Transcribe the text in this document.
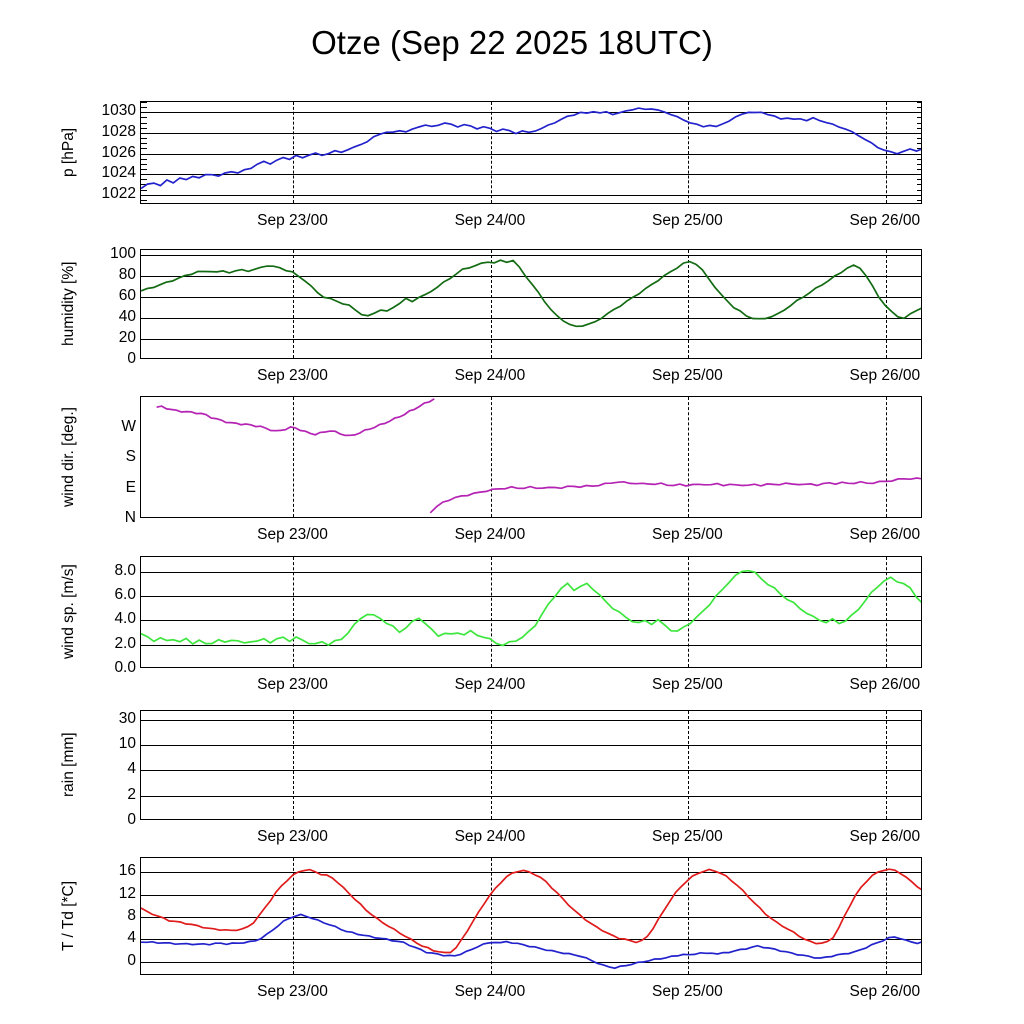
Otze (Sep 22 2025 18UTC)
p [hPa]
1022
1024
1026
1028
1030
Sep 23/00	Sep 24/00	Sep 25/00	Sep 26/00
humidity [%]
0
20
40
60
80
100
Sep 23/00	Sep 24/00	Sep 25/00	Sep 26/00
wind dir. [deg.]
N
E
S
W
Sep 23/00	Sep 24/00	Sep 25/00	Sep 26/00
wind sp. [m/s]
0.0
2.0
4.0
6.0
8.0
Sep 23/00	Sep 24/00	Sep 25/00	Sep 26/00
rain [mm]
0
2
4
10
30
Sep 23/00	Sep 24/00	Sep 25/00	Sep 26/00
T / Td [*C]
0
4
8
12
16
Sep 23/00	Sep 24/00	Sep 25/00	Sep 26/00
